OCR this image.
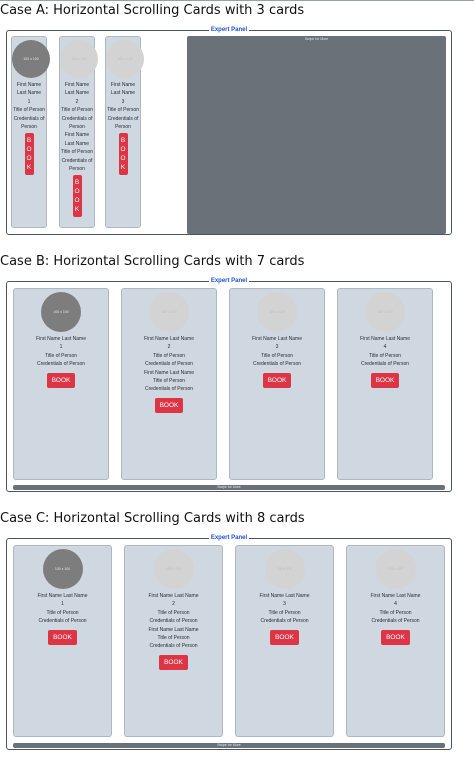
Case A: Horizontal Scrolling Cards with 3 cards
Expert Panel
100 x 100
First Name
Last Name
1
Title of Person
Credentials of
Person
B
O
O
K
100 x 100
First Name
Last Name
2
Title of Person
Credentials of
Person
First Name
Last Name
Title of Person
Credentials of
Person
B
O
O
K
100 x 100
First Name
Last Name
3
Title of Person
Credentials of
Person
B
O
O
K
Swipe for More
Case B: Horizontal Scrolling Cards with 7 cards
Expert Panel
100 x 100
First Name Last Name
1
Title of Person
Credentials of Person
BOOK
100 x 100
First Name Last Name
2
Title of Person
Credentials of Person
First Name Last Name
Title of Person
Credentials of Person
BOOK
100 x 100
First Name Last Name
3
Title of Person
Credentials of Person
BOOK
100 x 100
First Name Last Name
4
Title of Person
Credentials of Person
BOOK
Swipe for More
Case C: Horizontal Scrolling Cards with 8 cards
Expert Panel
100 x 100
First Name Last Name
1
Title of Person
Credentials of Person
BOOK
100 x 100
First Name Last Name
2
Title of Person
Credentials of Person
First Name Last Name
Title of Person
Credentials of Person
BOOK
100 x 100
First Name Last Name
3
Title of Person
Credentials of Person
BOOK
100 x 100
First Name Last Name
4
Title of Person
Credentials of Person
BOOK
Swipe for More
